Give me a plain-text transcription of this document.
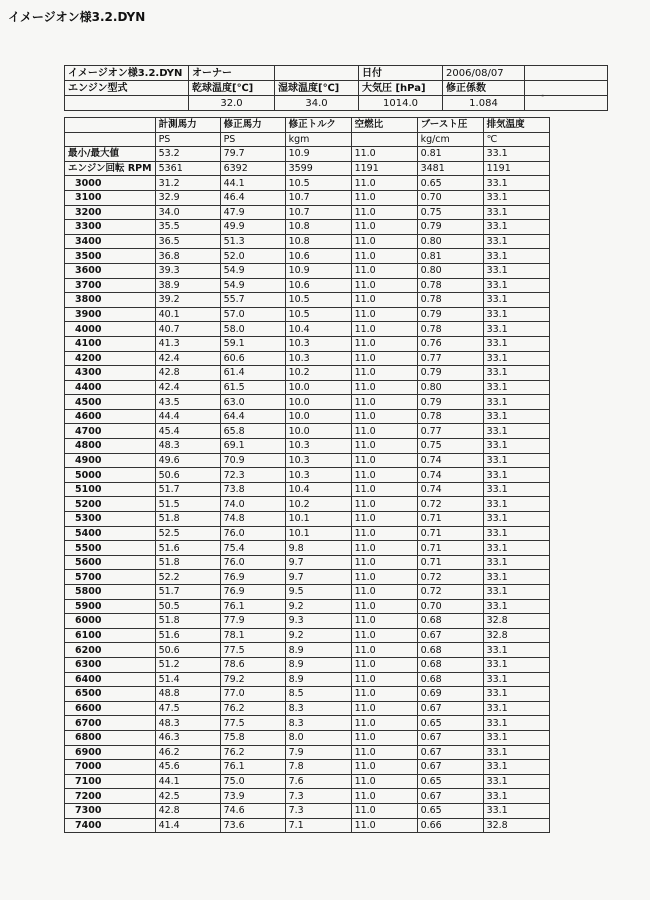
イメージオン様3.2.DYN
•
イメージオン様3.2.DYN	オーナー		日付	2006/08/07	
エンジン型式	乾球温度[℃]	湿球温度[℃]	大気圧 [hPa]	修正係数	
	32.0	34.0	1014.0	1.084	
	計測馬力	修正馬力	修正トルク	空燃比	ブースト圧	排気温度
	PS	PS	kgm		kg/cm	℃
最小/最大値	53.2	79.7	10.9	11.0	0.81	33.1
エンジン回転 RPM	5361	6392	3599	1191	3481	1191
3000	31.2	44.1	10.5	11.0	0.65	33.1
3100	32.9	46.4	10.7	11.0	0.70	33.1
3200	34.0	47.9	10.7	11.0	0.75	33.1
3300	35.5	49.9	10.8	11.0	0.79	33.1
3400	36.5	51.3	10.8	11.0	0.80	33.1
3500	36.8	52.0	10.6	11.0	0.81	33.1
3600	39.3	54.9	10.9	11.0	0.80	33.1
3700	38.9	54.9	10.6	11.0	0.78	33.1
3800	39.2	55.7	10.5	11.0	0.78	33.1
3900	40.1	57.0	10.5	11.0	0.79	33.1
4000	40.7	58.0	10.4	11.0	0.78	33.1
4100	41.3	59.1	10.3	11.0	0.76	33.1
4200	42.4	60.6	10.3	11.0	0.77	33.1
4300	42.8	61.4	10.2	11.0	0.79	33.1
4400	42.4	61.5	10.0	11.0	0.80	33.1
4500	43.5	63.0	10.0	11.0	0.79	33.1
4600	44.4	64.4	10.0	11.0	0.78	33.1
4700	45.4	65.8	10.0	11.0	0.77	33.1
4800	48.3	69.1	10.3	11.0	0.75	33.1
4900	49.6	70.9	10.3	11.0	0.74	33.1
5000	50.6	72.3	10.3	11.0	0.74	33.1
5100	51.7	73.8	10.4	11.0	0.74	33.1
5200	51.5	74.0	10.2	11.0	0.72	33.1
5300	51.8	74.8	10.1	11.0	0.71	33.1
5400	52.5	76.0	10.1	11.0	0.71	33.1
5500	51.6	75.4	9.8	11.0	0.71	33.1
5600	51.8	76.0	9.7	11.0	0.71	33.1
5700	52.2	76.9	9.7	11.0	0.72	33.1
5800	51.7	76.9	9.5	11.0	0.72	33.1
5900	50.5	76.1	9.2	11.0	0.70	33.1
6000	51.8	77.9	9.3	11.0	0.68	32.8
6100	51.6	78.1	9.2	11.0	0.67	32.8
6200	50.6	77.5	8.9	11.0	0.68	33.1
6300	51.2	78.6	8.9	11.0	0.68	33.1
6400	51.4	79.2	8.9	11.0	0.68	33.1
6500	48.8	77.0	8.5	11.0	0.69	33.1
6600	47.5	76.2	8.3	11.0	0.67	33.1
6700	48.3	77.5	8.3	11.0	0.65	33.1
6800	46.3	75.8	8.0	11.0	0.67	33.1
6900	46.2	76.2	7.9	11.0	0.67	33.1
7000	45.6	76.1	7.8	11.0	0.67	33.1
7100	44.1	75.0	7.6	11.0	0.65	33.1
7200	42.5	73.9	7.3	11.0	0.67	33.1
7300	42.8	74.6	7.3	11.0	0.65	33.1
7400	41.4	73.6	7.1	11.0	0.66	32.8
